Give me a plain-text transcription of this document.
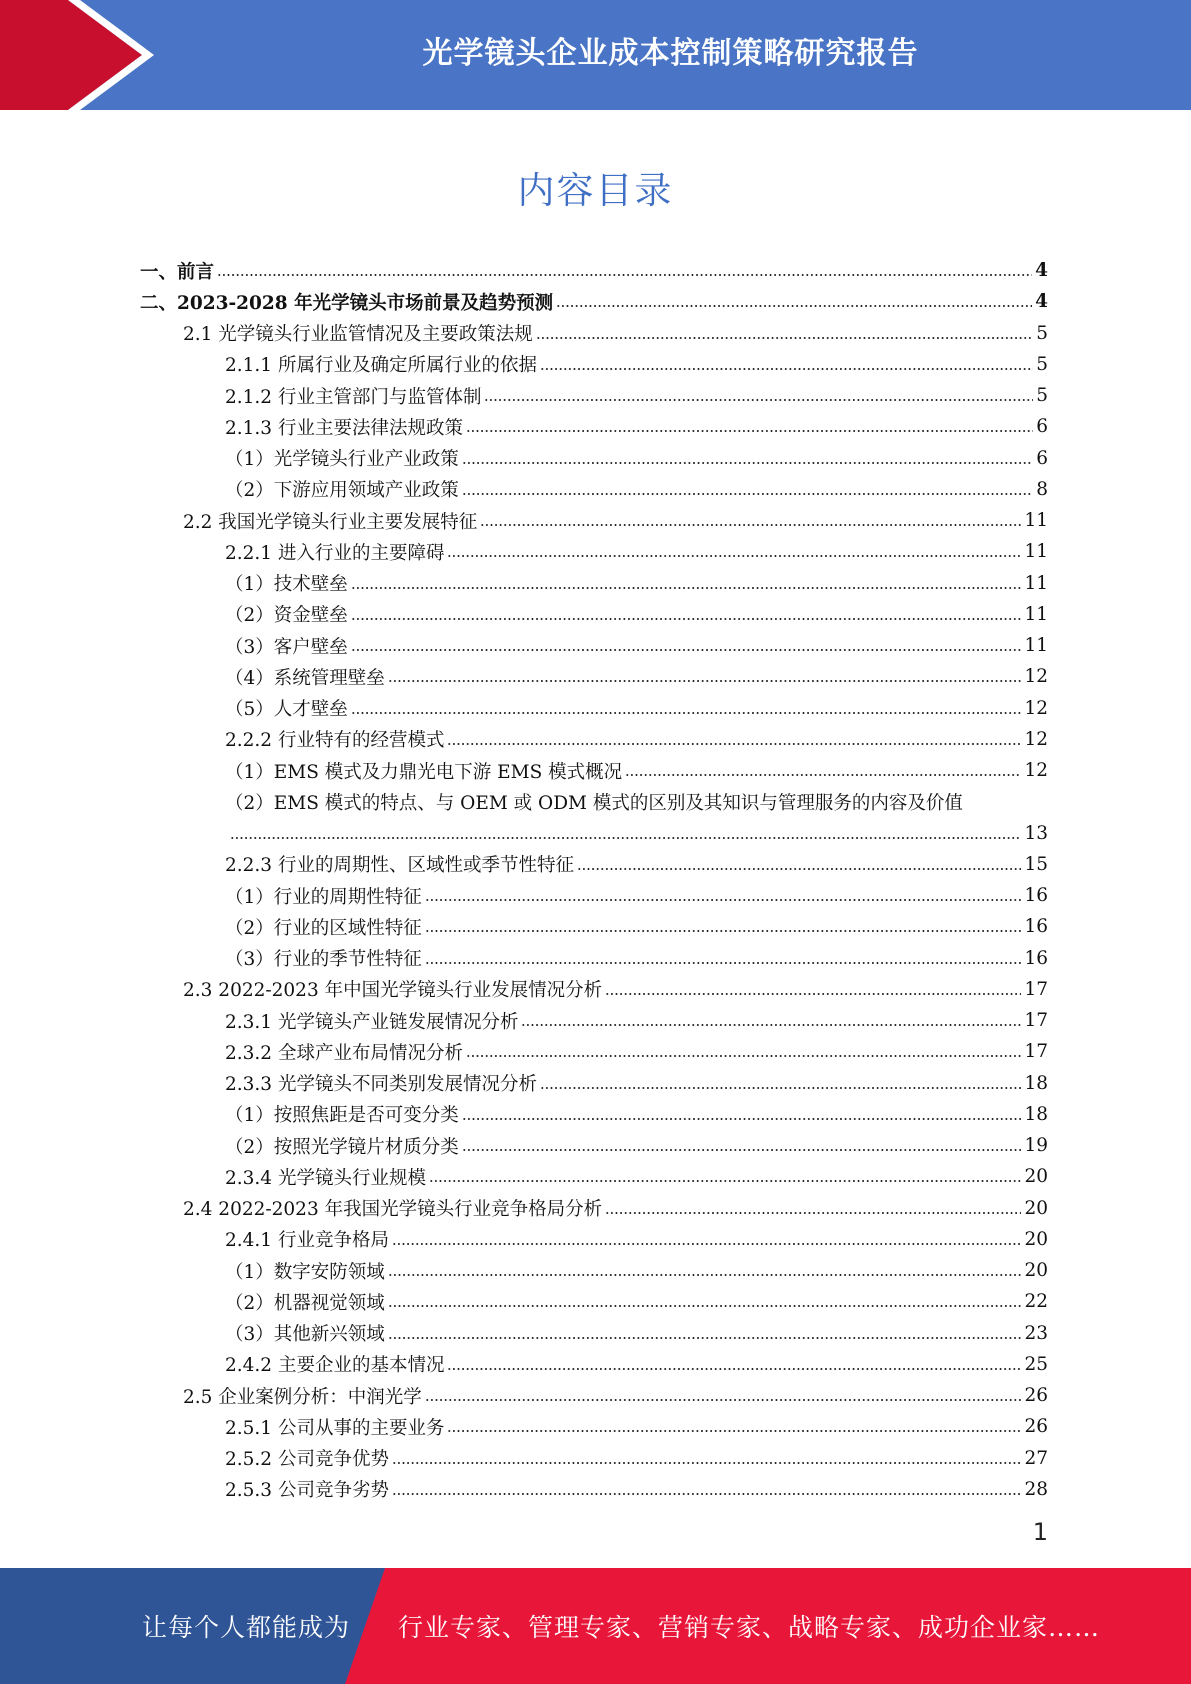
光学镜头企业成本控制策略研究报告
内容目录
一、前言	4
二、2023-2028 年光学镜头市场前景及趋势预测	4
2.1 光学镜头行业监管情况及主要政策法规	5
2.1.1 所属行业及确定所属行业的依据	5
2.1.2 行业主管部门与监管体制	5
2.1.3 行业主要法律法规政策	6
（1）光学镜头行业产业政策	6
（2）下游应用领域产业政策	8
2.2 我国光学镜头行业主要发展特征	11
2.2.1 进入行业的主要障碍	11
（1）技术壁垒	11
（2）资金壁垒	11
（3）客户壁垒	11
（4）系统管理壁垒	12
（5）人才壁垒	12
2.2.2 行业特有的经营模式	12
（1）EMS 模式及力鼎光电下游 EMS 模式概况	12
（2）EMS 模式的特点、与 OEM 或 ODM 模式的区别及其知识与管理服务的内容及价值
13
2.2.3 行业的周期性、区域性或季节性特征	15
（1）行业的周期性特征	16
（2）行业的区域性特征	16
（3）行业的季节性特征	16
2.3 2022-2023 年中国光学镜头行业发展情况分析	17
2.3.1 光学镜头产业链发展情况分析	17
2.3.2 全球产业布局情况分析	17
2.3.3 光学镜头不同类别发展情况分析	18
（1）按照焦距是否可变分类	18
（2）按照光学镜片材质分类	19
2.3.4 光学镜头行业规模	20
2.4 2022-2023 年我国光学镜头行业竞争格局分析	20
2.4.1 行业竞争格局	20
（1）数字安防领域	20
（2）机器视觉领域	22
（3）其他新兴领域	23
2.4.2 主要企业的基本情况	25
2.5 企业案例分析：中润光学	26
2.5.1 公司从事的主要业务	26
2.5.2 公司竞争优势	27
2.5.3 公司竞争劣势	28
1
让每个人都能成为 行业专家、管理专家、营销专家、战略专家、成功企业家……
